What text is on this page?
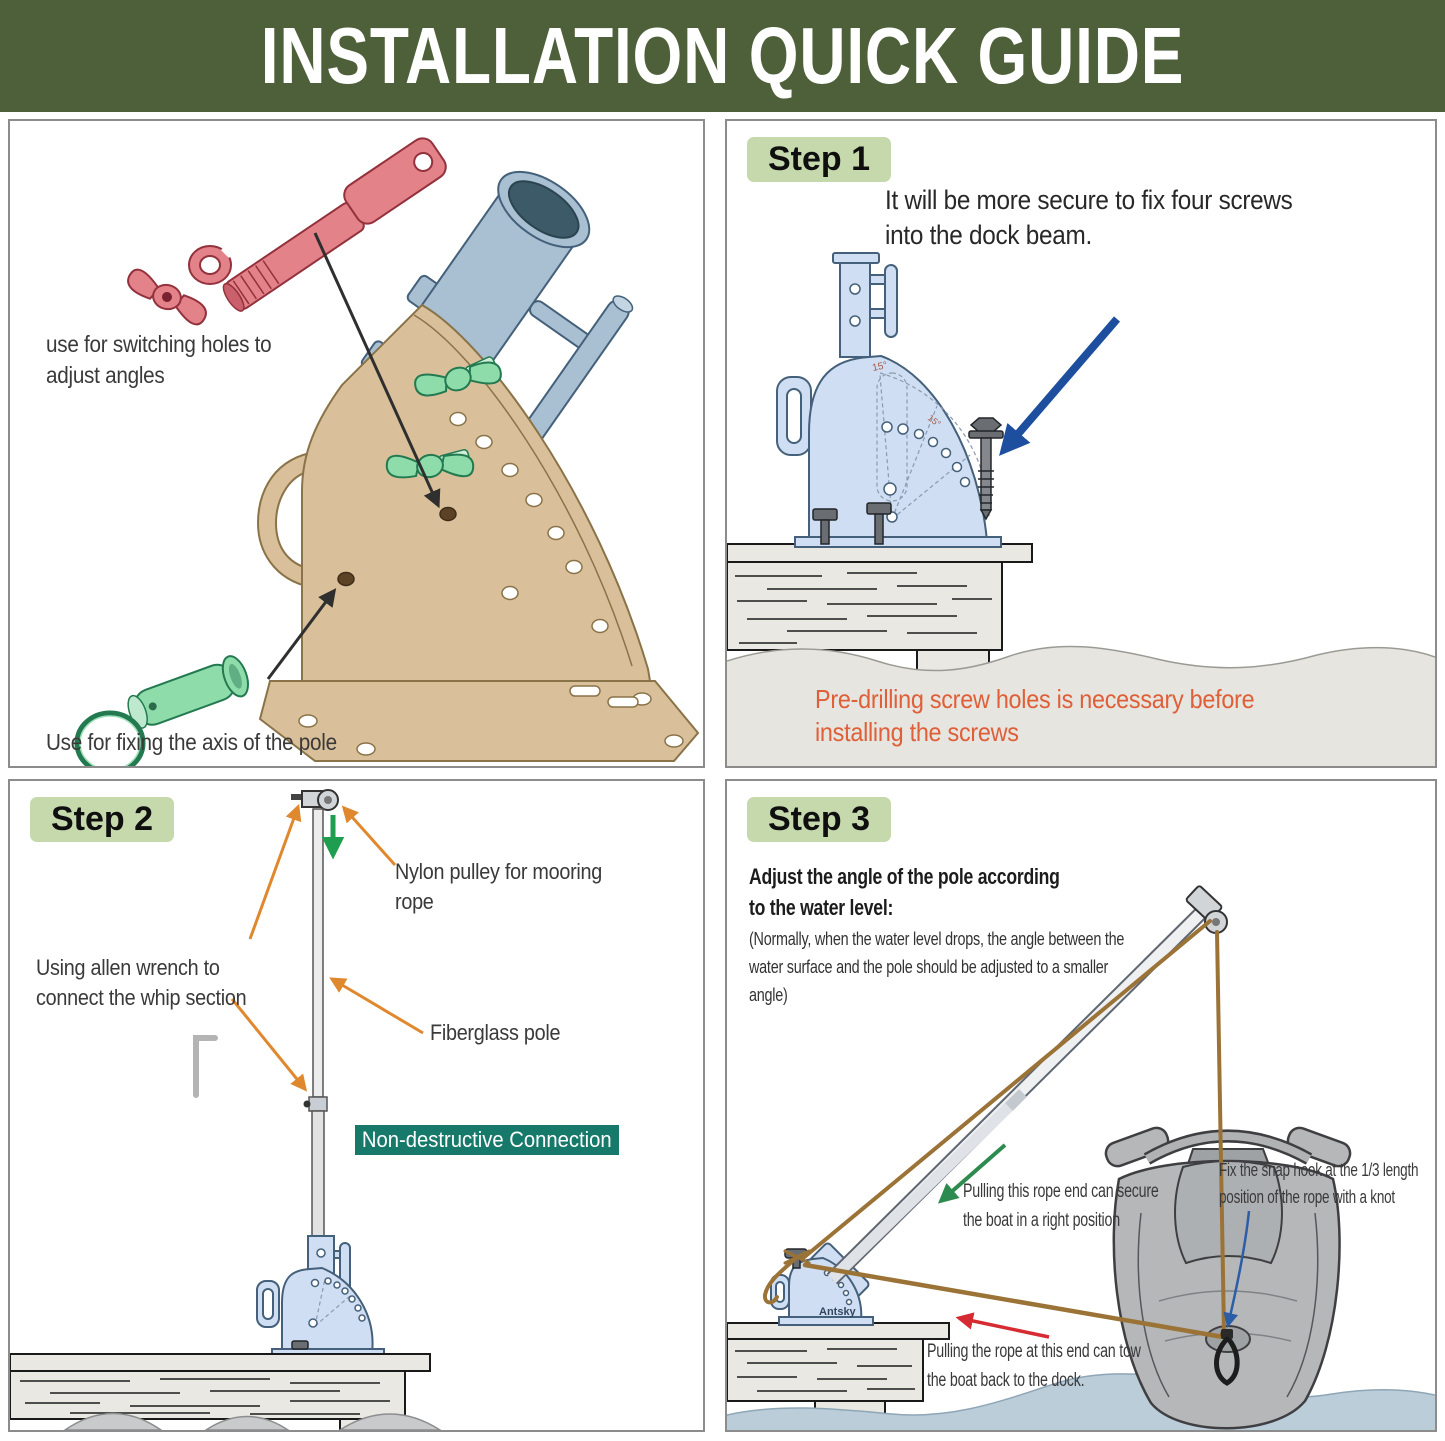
INSTALLATION QUICK GUIDE
use for switching holes to
adjust angles
Use for fixing the axis of the pole
15°
15°
Step 1
It will be more secure to fix four screws
into the dock beam.
Pre-drilling screw holes is necessary before
installing the screws
Step 2
Nylon pulley for mooring
rope
Using allen wrench to
connect the whip section
Fiberglass pole
Non-destructive Connection
Antsky
Step 3
Adjust the angle of the pole according
to the water level:
(Normally, when the water level drops, the angle between the
water surface and the pole should be adjusted to a smaller
angle)
Pulling this rope end can secure
the boat in a right position
Pulling the rope at this end can tow
the boat back to the dock.
Fix the snap hook at the 1/3 length
position of the rope with a knot
